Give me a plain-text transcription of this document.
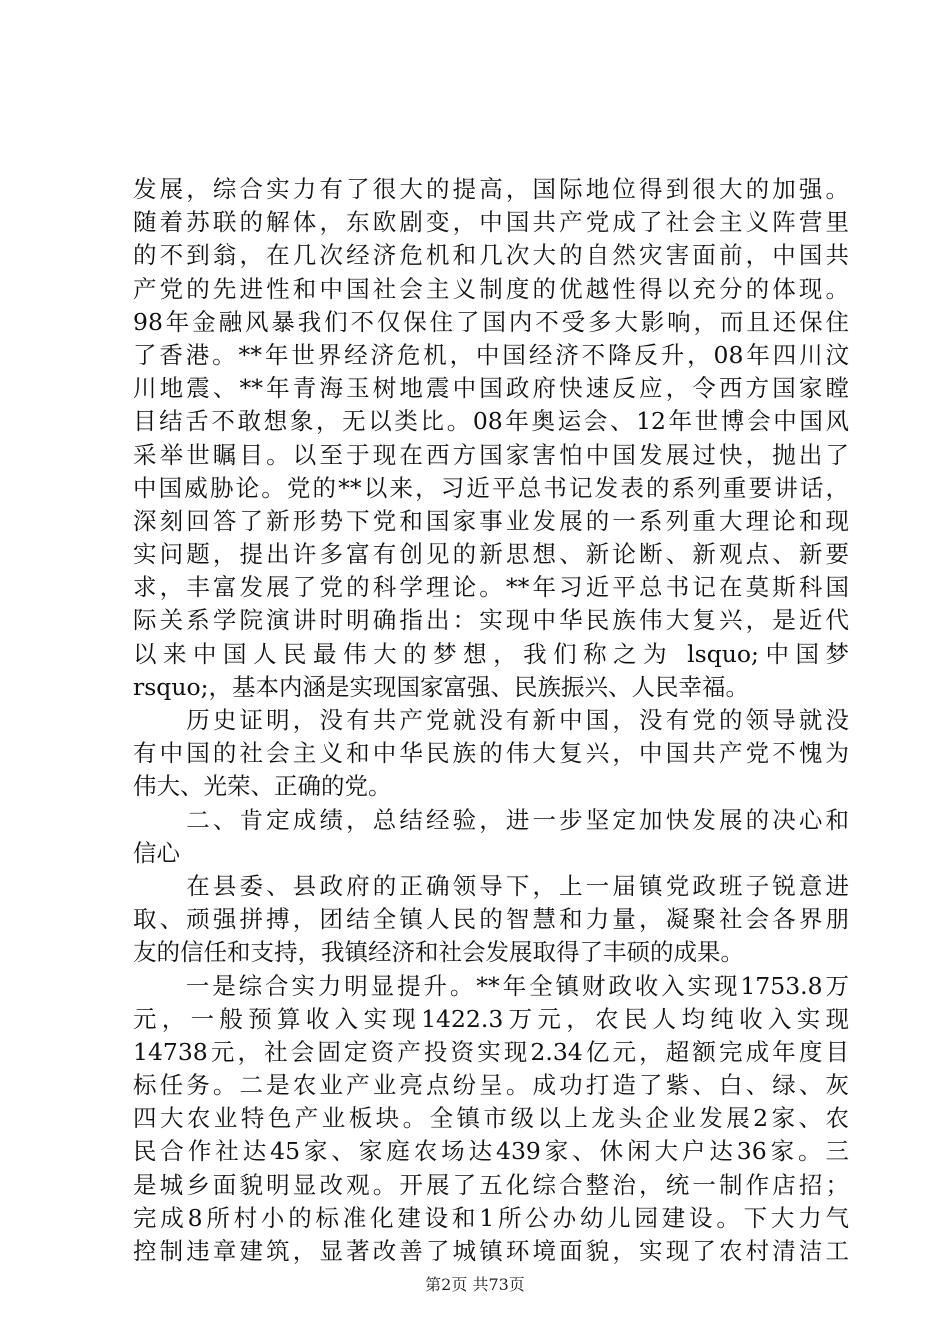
发展，综合实力有了很大的提高，国际地位得到很大的加强。
随着苏联的解体，东欧剧变，中国共产党成了社会主义阵营里
的不到翁，在几次经济危机和几次大的自然灾害面前，中国共
产党的先进性和中国社会主义制度的优越性得以充分的体现。
98年金融风暴我们不仅保住了国内不受多大影响，而且还保住
了香港。**年世界经济危机，中国经济不降反升，08年四川汶
川地震、**年青海玉树地震中国政府快速反应，令西方国家瞠
目结舌不敢想象，无以类比。08年奥运会、12年世博会中国风
采举世瞩目。以至于现在西方国家害怕中国发展过快，抛出了
中国威胁论。党的**以来，习近平总书记发表的系列重要讲话，
深刻回答了新形势下党和国家事业发展的一系列重大理论和现
实问题，提出许多富有创见的新思想、新论断、新观点、新要
求，丰富发展了党的科学理论。**年习近平总书记在莫斯科国
际关系学院演讲时明确指出：实现中华民族伟大复兴，是近代
以来中国人民最伟大的梦想，我们称之为 lsquo;中国梦
rsquo;，基本内涵是实现国家富强、民族振兴、人民幸福。
　　历史证明，没有共产党就没有新中国，没有党的领导就没
有中国的社会主义和中华民族的伟大复兴，中国共产党不愧为
伟大、光荣、正确的党。
　　二、肯定成绩，总结经验，进一步坚定加快发展的决心和
信心
　　在县委、县政府的正确领导下，上一届镇党政班子锐意进
取、顽强拼搏，团结全镇人民的智慧和力量，凝聚社会各界朋
友的信任和支持，我镇经济和社会发展取得了丰硕的成果。
　　一是综合实力明显提升。**年全镇财政收入实现1753.8万
元，一般预算收入实现1422.3万元，农民人均纯收入实现
14738元，社会固定资产投资实现2.34亿元，超额完成年度目
标任务。二是农业产业亮点纷呈。成功打造了紫、白、绿、灰
四大农业特色产业板块。全镇市级以上龙头企业发展2家、农
民合作社达45家、家庭农场达439家、休闲大户达36家。三
是城乡面貌明显改观。开展了五化综合整治，统一制作店招；
完成8所村小的标准化建设和1所公办幼儿园建设。下大力气
控制违章建筑，显著改善了城镇环境面貌，实现了农村清洁工
第2页 共73页
